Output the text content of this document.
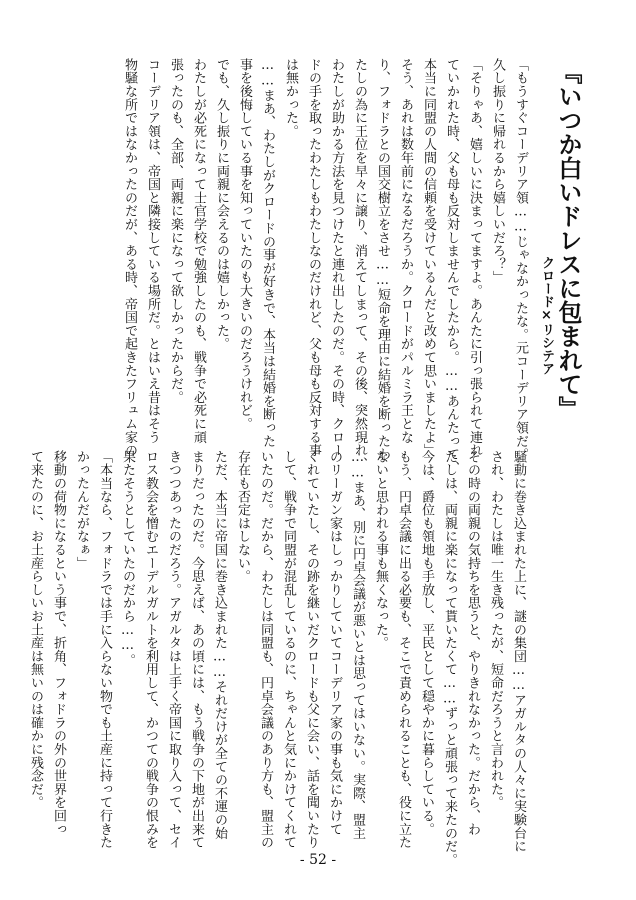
『いつか白いドレスに包まれて』
クロード×リシテア
「もうすぐコーデリア領……じゃなかったな。元コーデリア領だ。
久し振りに帰れるから嬉しいだろ？」
「そりゃあ、嬉しいに決まってますよ。あんたに引っ張られて連れ
ていかれた時、父も母も反対しませんでしたから。……あんたって、
本当に同盟の人間の信頼を受けているんだと改めて思いましたよ」
そう、あれは数年前になるだろうか。クロードがパルミラ王とな
り、フォドラとの国交樹立をさせ……短命を理由に結婚を断ったわ
たしの為に王位を早々に譲り、消えてしまって、その後、突然現れ、
わたしが助かる方法を見つけたと連れ出したのだ。その時、クロー
ドの手を取ったわたしもわたしなのだけれど、父も母も反対する事
は無かった。
……まあ、わたしがクロードの事が好きで、本当は結婚を断った
事を後悔している事を知っていたのも大きいのだろうけれど。
でも、久し振りに両親に会えるのは嬉しかった。
わたしが必死になって士官学校で勉強したのも、戦争で必死に頑
張ったのも、全部、両親に楽になって欲しかったからだ。
コーデリア領は、帝国と隣接している場所だ。とはいえ昔はそう
物騒な所ではなかったのだが、ある時、帝国で起きたフリュム家の
騒動に巻き込まれた上に、謎の集団……アガルタの人々に実験台に
され、わたしは唯一生き残ったが、短命だろうと言われた。
その時の両親の気持ちを思うと、やりきれなかった。だから、わ
たしは、両親に楽になって貰いたくて……ずっと頑張って来たのだ。
今は、爵位も領地も手放し、平民として穏やかに暮らしている。
もう、円卓会議に出る必要も、そこで責められることも、役に立た
ないと思われる事も無くなった。
……まあ、別に円卓会議が悪いとは思ってはいない。実際、盟主
のリーガン家はしっかりしていてコーデリア家の事も気にかけて
くれていたし、その跡を継いだクロードも父に会い、話を聞いたり
して、戦争で同盟が混乱しているのに、ちゃんと気にかけてくれて
いたのだ。だから、わたしは同盟も、円卓会議のあり方も、盟主の
存在も否定はしない。
ただ、本当に帝国に巻き込まれた……それだけが全ての不運の始
まりだったのだ。今思えば、あの頃には、もう戦争の下地が出来て
きつつあったのだろう。アガルタは上手く帝国に取り入って、セイ
ロス教会を憎むエーデルガルトを利用して、かつての戦争の恨みを
果たそうとしていたのだから……。
「本当なら、フォドラでは手に入らない物でも土産に持って行きた
かったんだがなぁ」
移動の荷物になるという事で、折角、フォドラの外の世界を回っ
て来たのに、お土産らしいお土産は無いのは確かに残念だ。
- 52 -
